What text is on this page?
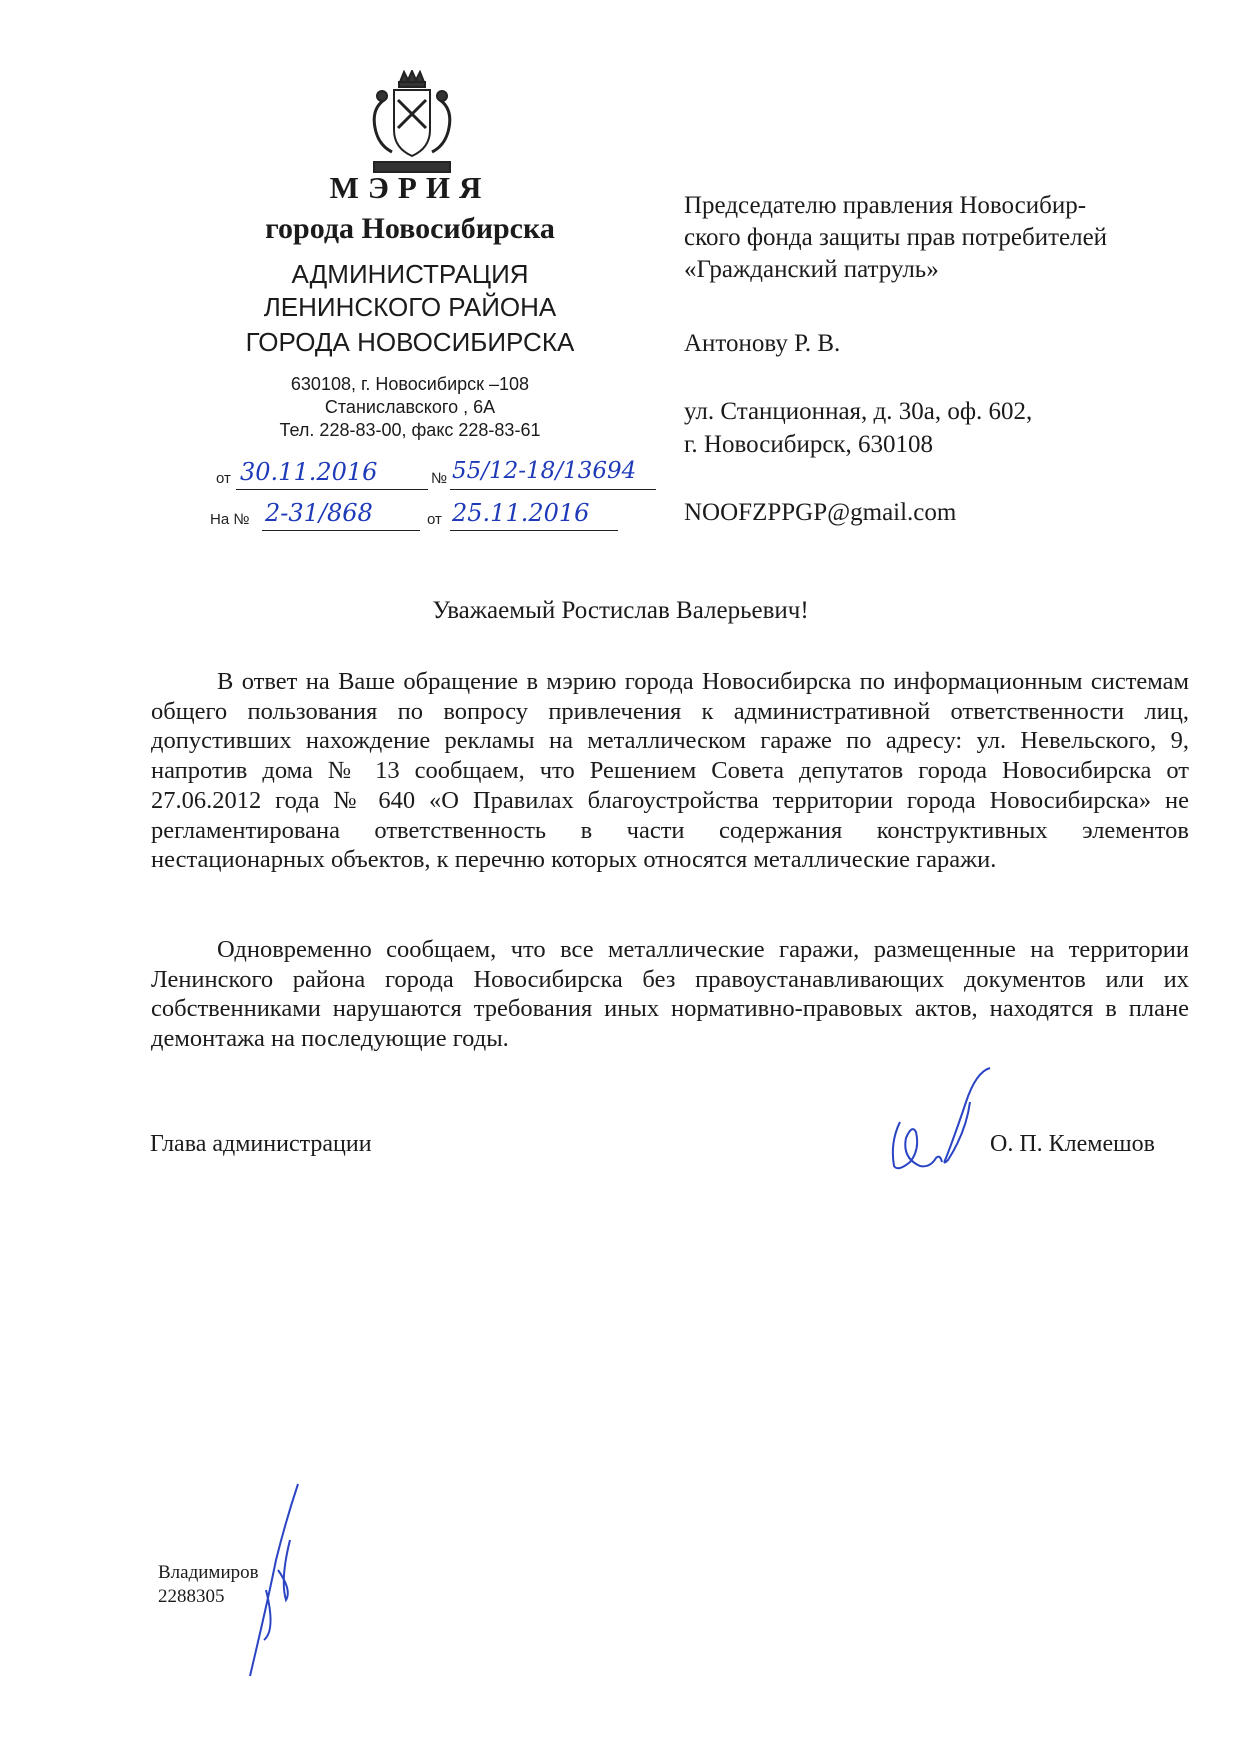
МЭРИЯ
города Новосибирска
АДМИНИСТРАЦИЯ
ЛЕНИНСКОГО РАЙОНА
ГОРОДА НОВОСИБИРСКА
630108, г. Новосибирск –108
Станиславского , 6А
Тел. 228-83-00, факс 228-83-61
от 30.11.2016	№ 55/12-18/13694
На № 2-31/868	от 25.11.2016
Председателю правления Новосибир-
ского фонда защиты прав потребителей
«Гражданский патруль»
Антонову Р. В.
ул. Станционная, д. 30а, оф. 602,
г. Новосибирск, 630108
NOOFZPPGP@gmail.com
Уважаемый Ростислав Валерьевич!

В ответ на Ваше обращение в мэрию города Новосибирска по информационным системам общего пользования по вопросу привлечения к административной ответственности лиц, допустивших нахождение рекламы на металлическом гараже по адресу: ул. Невельского, 9, напротив дома № 13 сообщаем, что Решением Совета депутатов города Новосибирска от 27.06.2012 года № 640 «О Правилах благоустройства территории города Новосибирска» не регламентирована ответственность в части содержания конструктивных элементов нестационарных объектов, к перечню которых относятся металлические гаражи.

Одновременно сообщаем, что все металлические гаражи, размещенные на территории Ленинского района города Новосибирска без правоустанавливающих документов или их собственниками нарушаются требования иных нормативно-правовых актов, находятся в плане демонтажа на последующие годы.

Глава администрации	О. П. Клемешов
Владимиров
2288305
